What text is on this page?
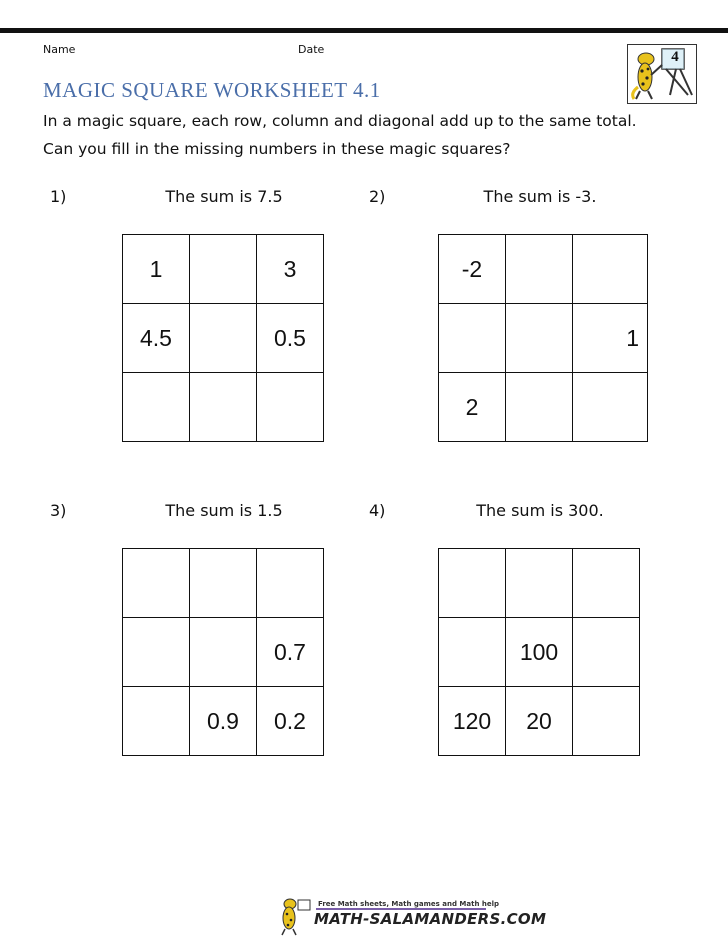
Name	Date
MAGIC SQUARE WORKSHEET 4.1
4
In a magic square, each row, column and diagonal add up to the same total.
Can you fill in the missing numbers in these magic squares?
1)	The sum is 7.5
1		3
4.5		0.5

2)	The sum is -3.
-2		
		1
2		
3)	The sum is 1.5

		0.7
	0.9	0.2
4)	The sum is 300.

	100	
120	20	
Free Math sheets, Math games and Math help
MATH-SALAMANDERS.COM
